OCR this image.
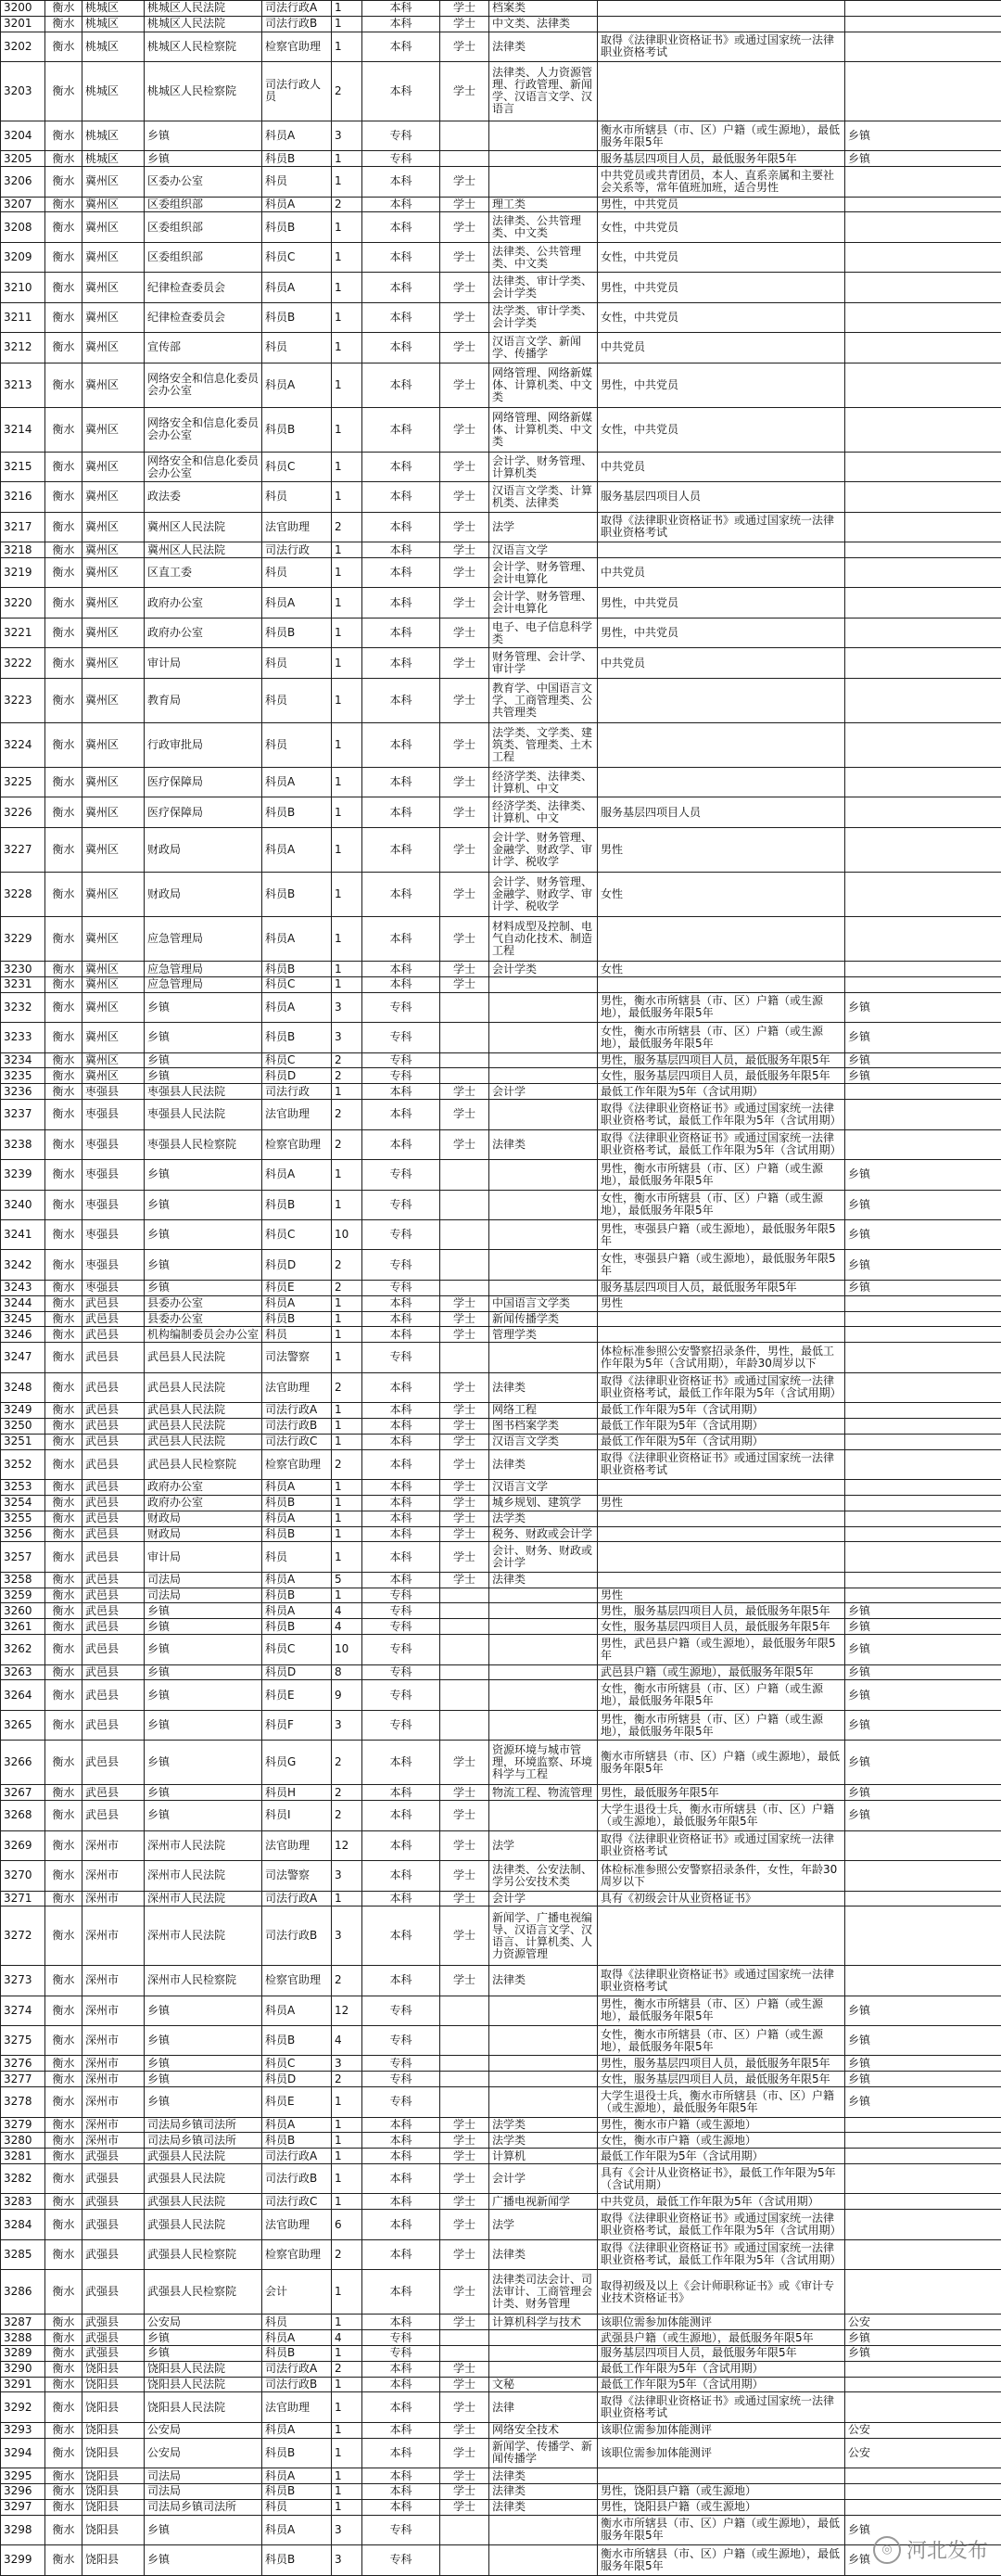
3200	衡水	桃城区	桃城区人民法院	司法行政A	1	本科	学士	档案类		
3201	衡水	桃城区	桃城区人民法院	司法行政B	1	本科	学士	中文类、法律类		
3202	衡水	桃城区	桃城区人民检察院	检察官助理	1	本科	学士	法律类	取得《法律职业资格证书》或通过国家统一法律职业资格考试	
3203	衡水	桃城区	桃城区人民检察院	司法行政人员	2	本科	学士	法律类、人力资源管理、行政管理、新闻学、汉语言文学、汉语言		
3204	衡水	桃城区	乡镇	科员A	3	专科			衡水市所辖县（市、区）户籍（或生源地），最低服务年限5年	乡镇
3205	衡水	桃城区	乡镇	科员B	1	专科			服务基层四项目人员，最低服务年限5年	乡镇
3206	衡水	冀州区	区委办公室	科员	1	本科	学士		中共党员或共青团员，本人、直系亲属和主要社会关系等，常年值班加班，适合男性	
3207	衡水	冀州区	区委组织部	科员A	2	本科	学士	理工类	男性，中共党员	
3208	衡水	冀州区	区委组织部	科员B	1	本科	学士	法律类、公共管理类、中文类	女性，中共党员	
3209	衡水	冀州区	区委组织部	科员C	1	本科	学士	法律类、公共管理类、中文类	女性，中共党员	
3210	衡水	冀州区	纪律检查委员会	科员A	1	本科	学士	法律类、审计学类、会计学类	男性，中共党员	
3211	衡水	冀州区	纪律检查委员会	科员B	1	本科	学士	法学类、审计学类、会计学类	女性，中共党员	
3212	衡水	冀州区	宣传部	科员	1	本科	学士	汉语言文学、新闻学、传播学	中共党员	
3213	衡水	冀州区	网络安全和信息化委员会办公室	科员A	1	本科	学士	网络管理、网络新媒体、计算机类、中文类	男性，中共党员	
3214	衡水	冀州区	网络安全和信息化委员会办公室	科员B	1	本科	学士	网络管理、网络新媒体、计算机类、中文类	女性，中共党员	
3215	衡水	冀州区	网络安全和信息化委员会办公室	科员C	1	本科	学士	会计学、财务管理、计算机类	中共党员	
3216	衡水	冀州区	政法委	科员	1	本科	学士	汉语言文学类、计算机类、法律类	服务基层四项目人员	
3217	衡水	冀州区	冀州区人民法院	法官助理	2	本科	学士	法学	取得《法律职业资格证书》或通过国家统一法律职业资格考试	
3218	衡水	冀州区	冀州区人民法院	司法行政	1	本科	学士	汉语言文学		
3219	衡水	冀州区	区直工委	科员	1	本科	学士	会计学、财务管理、会计电算化	中共党员	
3220	衡水	冀州区	政府办公室	科员A	1	本科	学士	会计学、财务管理、会计电算化	男性，中共党员	
3221	衡水	冀州区	政府办公室	科员B	1	本科	学士	电子、电子信息科学类	男性，中共党员	
3222	衡水	冀州区	审计局	科员	1	本科	学士	财务管理、会计学、审计学	中共党员	
3223	衡水	冀州区	教育局	科员	1	本科	学士	教育学、中国语言文学、工商管理类、公共管理类		
3224	衡水	冀州区	行政审批局	科员	1	本科	学士	法学类、文学类、建筑类、管理类、土木工程		
3225	衡水	冀州区	医疗保障局	科员A	1	本科	学士	经济学类、法律类、计算机、中文		
3226	衡水	冀州区	医疗保障局	科员B	1	本科	学士	经济学类、法律类、计算机、中文	服务基层四项目人员	
3227	衡水	冀州区	财政局	科员A	1	本科	学士	会计学、财务管理、金融学、财政学、审计学、税收学	男性	
3228	衡水	冀州区	财政局	科员B	1	本科	学士	会计学、财务管理、金融学、财政学、审计学、税收学	女性	
3229	衡水	冀州区	应急管理局	科员A	1	本科	学士	材料成型及控制、电气自动化技术、制造工程		
3230	衡水	冀州区	应急管理局	科员B	1	本科	学士	会计学类	女性	
3231	衡水	冀州区	应急管理局	科员C	1	本科	学士			
3232	衡水	冀州区	乡镇	科员A	3	专科			男性，衡水市所辖县（市、区）户籍（或生源地），最低服务年限5年	乡镇
3233	衡水	冀州区	乡镇	科员B	3	专科			女性，衡水市所辖县（市、区）户籍（或生源地），最低服务年限5年	乡镇
3234	衡水	冀州区	乡镇	科员C	2	专科			男性，服务基层四项目人员，最低服务年限5年	乡镇
3235	衡水	冀州区	乡镇	科员D	2	专科			女性，服务基层四项目人员，最低服务年限5年	乡镇
3236	衡水	枣强县	枣强县人民法院	司法行政	1	本科	学士	会计学	最低工作年限为5年（含试用期）	
3237	衡水	枣强县	枣强县人民法院	法官助理	2	本科	学士		取得《法律职业资格证书》或通过国家统一法律职业资格考试，最低工作年限为5年（含试用期）	
3238	衡水	枣强县	枣强县人民检察院	检察官助理	2	本科	学士	法律类	取得《法律职业资格证书》或通过国家统一法律职业资格考试，最低工作年限为5年（含试用期）	
3239	衡水	枣强县	乡镇	科员A	1	专科			男性，衡水市所辖县（市、区）户籍（或生源地），最低服务年限5年	乡镇
3240	衡水	枣强县	乡镇	科员B	1	专科			女性，衡水市所辖县（市、区）户籍（或生源地），最低服务年限5年	乡镇
3241	衡水	枣强县	乡镇	科员C	10	专科			男性，枣强县户籍（或生源地），最低服务年限5年	乡镇
3242	衡水	枣强县	乡镇	科员D	2	专科			女性，枣强县户籍（或生源地），最低服务年限5年	乡镇
3243	衡水	枣强县	乡镇	科员E	2	专科			服务基层四项目人员，最低服务年限5年	乡镇
3244	衡水	武邑县	县委办公室	科员A	1	本科	学士	中国语言文学类	男性	
3245	衡水	武邑县	县委办公室	科员B	1	本科	学士	新闻传播学类		
3246	衡水	武邑县	机构编制委员会办公室	科员	1	本科	学士	管理学类		
3247	衡水	武邑县	武邑县人民法院	司法警察	1	专科			体检标准参照公安警察招录条件，男性，最低工作年限为5年（含试用期），年龄30周岁以下	
3248	衡水	武邑县	武邑县人民法院	法官助理	2	本科	学士	法律类	取得《法律职业资格证书》或通过国家统一法律职业资格考试，最低工作年限为5年（含试用期）	
3249	衡水	武邑县	武邑县人民法院	司法行政A	1	本科	学士	网络工程	最低工作年限为5年（含试用期）	
3250	衡水	武邑县	武邑县人民法院	司法行政B	1	本科	学士	图书档案学类	最低工作年限为5年（含试用期）	
3251	衡水	武邑县	武邑县人民法院	司法行政C	1	本科	学士	汉语言文学类	最低工作年限为5年（含试用期）	
3252	衡水	武邑县	武邑县人民检察院	检察官助理	2	本科	学士	法律类	取得《法律职业资格证书》或通过国家统一法律职业资格考试	
3253	衡水	武邑县	政府办公室	科员A	1	本科	学士	汉语言文学		
3254	衡水	武邑县	政府办公室	科员B	1	本科	学士	城乡规划、建筑学	男性	
3255	衡水	武邑县	财政局	科员A	1	本科	学士	法学类		
3256	衡水	武邑县	财政局	科员B	1	本科	学士	税务、财政或会计学		
3257	衡水	武邑县	审计局	科员	1	本科	学士	会计、财务、财政或会计学		
3258	衡水	武邑县	司法局	科员A	5	本科	学士	法律类		
3259	衡水	武邑县	司法局	科员B	1	专科			男性	
3260	衡水	武邑县	乡镇	科员A	4	专科			男性，服务基层四项目人员，最低服务年限5年	乡镇
3261	衡水	武邑县	乡镇	科员B	4	专科			女性，服务基层四项目人员，最低服务年限5年	乡镇
3262	衡水	武邑县	乡镇	科员C	10	专科			男性，武邑县户籍（或生源地），最低服务年限5年	乡镇
3263	衡水	武邑县	乡镇	科员D	8	专科			武邑县户籍（或生源地），最低服务年限5年	乡镇
3264	衡水	武邑县	乡镇	科员E	9	专科			女性，衡水市所辖县（市、区）户籍（或生源地），最低服务年限5年	乡镇
3265	衡水	武邑县	乡镇	科员F	3	专科			男性，衡水市所辖县（市、区）户籍（或生源地），最低服务年限5年	乡镇
3266	衡水	武邑县	乡镇	科员G	2	本科	学士	资源环境与城市管理，环境监察、环境科学与工程	衡水市所辖县（市、区）户籍（或生源地），最低服务年限5年	乡镇
3267	衡水	武邑县	乡镇	科员H	2	本科	学士	物流工程、物流管理	男性，最低服务年限5年	乡镇
3268	衡水	武邑县	乡镇	科员I	2	本科	学士		大学生退役士兵，衡水市所辖县（市、区）户籍（或生源地），最低服务年限5年	乡镇
3269	衡水	深州市	深州市人民法院	法官助理	12	本科	学士	法学	取得《法律职业资格证书》或通过国家统一法律职业资格考试	
3270	衡水	深州市	深州市人民法院	司法警察	3	本科	学士	法律类、公安法制、学另公安技术类	体检标准参照公安警察招录条件，女性，年龄30周岁以下	
3271	衡水	深州市	深州市人民法院	司法行政A	1	本科	学士	会计学	具有《初级会计从业资格证书》	
3272	衡水	深州市	深州市人民法院	司法行政B	3	本科	学士	新闻学、广播电视编导、汉语言文学、汉语言、计算机类、人力资源管理		
3273	衡水	深州市	深州市人民检察院	检察官助理	2	本科	学士	法律类	取得《法律职业资格证书》或通过国家统一法律职业资格考试	
3274	衡水	深州市	乡镇	科员A	12	专科			男性，衡水市所辖县（市、区）户籍（或生源地），最低服务年限5年	乡镇
3275	衡水	深州市	乡镇	科员B	4	专科			女性，衡水市所辖县（市、区）户籍（或生源地），最低服务年限5年	乡镇
3276	衡水	深州市	乡镇	科员C	3	专科			男性，服务基层四项目人员，最低服务年限5年	乡镇
3277	衡水	深州市	乡镇	科员D	2	专科			女性，服务基层四项目人员，最低服务年限5年	乡镇
3278	衡水	深州市	乡镇	科员E	1	专科			大学生退役士兵，衡水市所辖县（市、区）户籍（或生源地），最低服务年限5年	乡镇
3279	衡水	深州市	司法局乡镇司法所	科员A	1	本科	学士	法学类	男性，衡水市户籍（或生源地）	
3280	衡水	深州市	司法局乡镇司法所	科员B	1	本科	学士	法学类	女性，衡水市户籍（或生源地）	
3281	衡水	武强县	武强县人民法院	司法行政A	1	本科	学士	计算机	最低工作年限为5年（含试用期）	
3282	衡水	武强县	武强县人民法院	司法行政B	1	本科	学士	会计学	具有《会计从业资格证书》，最低工作年限为5年（含试用期）	
3283	衡水	武强县	武强县人民法院	司法行政C	1	本科	学士	广播电视新闻学	中共党员，最低工作年限为5年（含试用期）	
3284	衡水	武强县	武强县人民法院	法官助理	6	本科	学士	法学	取得《法律职业资格证书》或通过国家统一法律职业资格考试，最低工作年限为5年（含试用期）	
3285	衡水	武强县	武强县人民检察院	检察官助理	2	本科	学士	法律类	取得《法律职业资格证书》或通过国家统一法律职业资格考试，最低工作年限为5年（含试用期）	
3286	衡水	武强县	武强县人民检察院	会计	1	本科	学士	法律类司法会计、司法审计、工商管理会计类、财务管理	取得初级及以上《会计师职称证书》或《审计专业技术资格证书》	
3287	衡水	武强县	公安局	科员	1	本科	学士	计算机科学与技术	该职位需参加体能测评	公安
3288	衡水	武强县	乡镇	科员A	4	专科			武强县户籍（或生源地），最低服务年限5年	乡镇
3289	衡水	武强县	乡镇	科员B	1	专科			服务基层四项目人员，最低服务年限5年	乡镇
3290	衡水	饶阳县	饶阳县人民法院	司法行政A	2	本科	学士		最低工作年限为5年（含试用期）	
3291	衡水	饶阳县	饶阳县人民法院	司法行政B	1	本科	学士	文秘	最低工作年限为5年（含试用期）	
3292	衡水	饶阳县	饶阳县人民法院	法官助理	1	本科	学士	法律	取得《法律职业资格证书》或通过国家统一法律职业资格考试	
3293	衡水	饶阳县	公安局	科员A	1	本科	学士	网络安全技术	该职位需参加体能测评	公安
3294	衡水	饶阳县	公安局	科员B	1	本科	学士	新闻学、传播学、新闻传播学	该职位需参加体能测评	公安
3295	衡水	饶阳县	司法局	科员A	1	本科	学士	法律类		
3296	衡水	饶阳县	司法局	科员B	1	本科	学士	法律类	男性，饶阳县户籍（或生源地）	
3297	衡水	饶阳县	司法局乡镇司法所	科员	1	本科	学士	法律类	男性，饶阳县户籍（或生源地）	
3298	衡水	饶阳县	乡镇	科员A	3	专科			衡水市所辖县（市、区）户籍（或生源地），最低服务年限5年	乡镇
3299	衡水	饶阳县	乡镇	科员B	3	专科			衡水市所辖县（市、区）户籍（或生源地），最低服务年限5年	乡镇
◎ 河北发布
